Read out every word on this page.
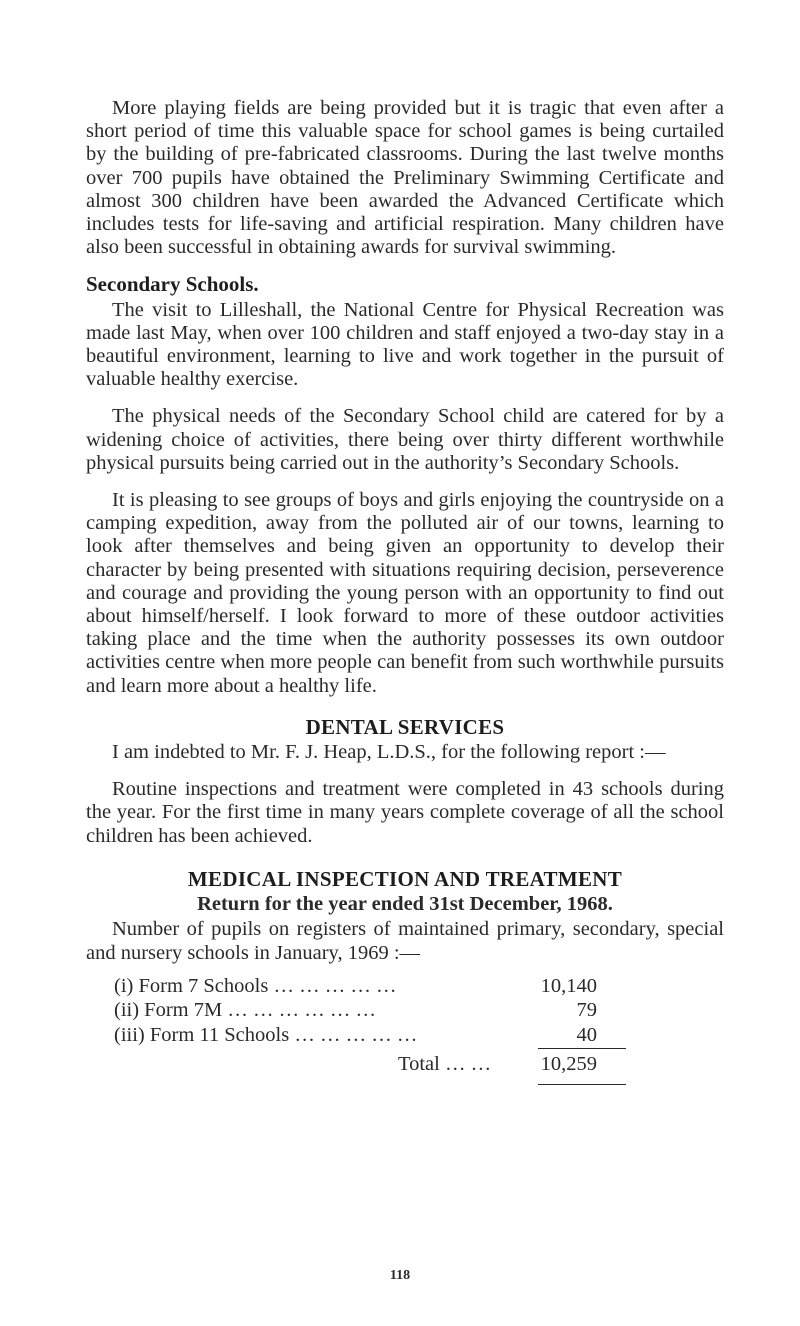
More playing fields are being provided but it is tragic that even after a short period of time this valuable space for school games is being curtailed by the building of pre-fabricated classrooms. During the last twelve months over 700 pupils have obtained the Preliminary Swimming Certificate and almost 300 children have been awarded the Advanced Certificate which includes tests for life-saving and artificial respiration. Many children have also been successful in obtaining awards for survival swimming.

Secondary Schools.

The visit to Lilleshall, the National Centre for Physical Recreation was made last May, when over 100 children and staff enjoyed a two-day stay in a beautiful environment, learning to live and work together in the pursuit of valuable healthy exercise.

The physical needs of the Secondary School child are catered for by a widening choice of activities, there being over thirty different worthwhile physical pursuits being carried out in the authority’s Secondary Schools.

It is pleasing to see groups of boys and girls enjoying the countryside on a camping expedition, away from the polluted air of our towns, learning to look after themselves and being given an opportunity to develop their character by being presented with situations requiring decision, perseverence and courage and providing the young person with an opportunity to find out about himself/herself. I look forward to more of these outdoor activities taking place and the time when the authority possesses its own outdoor activities centre when more people can benefit from such worthwhile pursuits and learn more about a healthy life.

DENTAL SERVICES

I am indebted to Mr. F. J. Heap, L.D.S., for the following report :—

Routine inspections and treatment were completed in 43 schools during the year. For the first time in many years complete coverage of all the school children has been achieved.

MEDICAL INSPECTION AND TREATMENT
Return for the year ended 31st December, 1968.

Number of pupils on registers of maintained primary, secondary, special and nursery schools in January, 1969 :—

(i) Form 7 Schools … … … … …	10,140
(ii) Form 7M … … … … … …	79
(iii) Form 11 Schools … … … … …	40
Total … … 10,259
118
